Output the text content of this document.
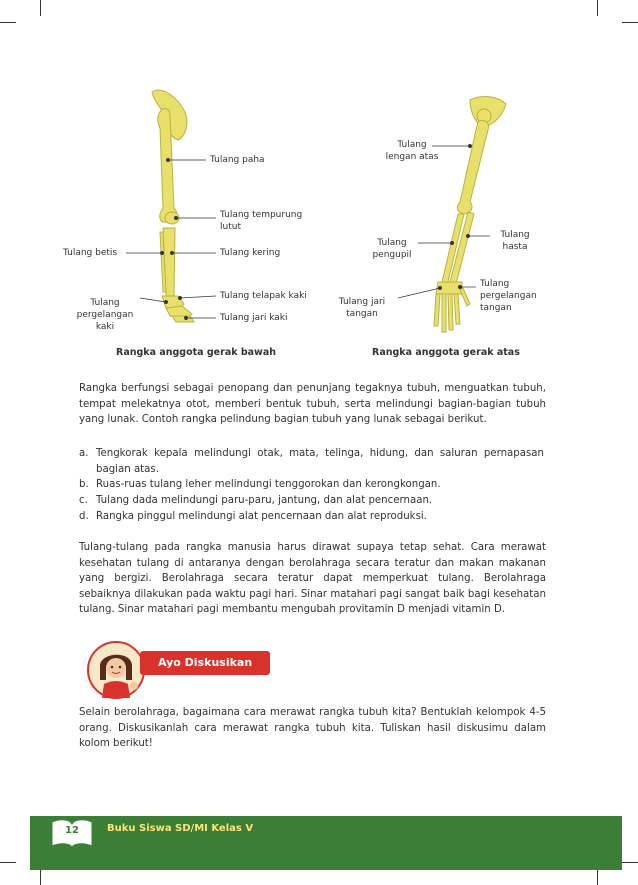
Tulang paha
Tulang tempurung
lutut
Tulang betis	Tulang kering
Tulang
pergelangan
kaki
Tulang telapak kaki
Tulang jari kaki
Tulang
lengan atas
Tulang
pengupil
Tulang
hasta
Tulang
pergelangan
tangan
Tulang jari
tangan
Rangka anggota gerak bawah	Rangka anggota gerak atas
Rangka berfungsi sebagai penopang dan penunjang tegaknya tubuh, menguatkan tubuh, tempat melekatnya otot, memberi bentuk tubuh, serta melindungi bagian-bagian tubuh yang lunak. Contoh rangka pelindung bagian tubuh yang lunak sebagai berikut.
a. Tengkorak kepala melindungi otak, mata, telinga, hidung, dan saluran pernapasan bagian atas.
b. Ruas-ruas tulang leher melindungi tenggorokan dan kerongkongan.
c. Tulang dada melindungi paru-paru, jantung, dan alat pencernaan.
d. Rangka pinggul melindungi alat pencernaan dan alat reproduksi.
Tulang-tulang pada rangka manusia harus dirawat supaya tetap sehat. Cara merawat kesehatan tulang di antaranya dengan berolahraga secara teratur dan makan makanan yang bergizi. Berolahraga secara teratur dapat memperkuat tulang. Berolahraga sebaiknya dilakukan pada waktu pagi hari. Sinar matahari pagi sangat baik bagi kesehatan tulang. Sinar matahari pagi membantu mengubah provitamin D menjadi vitamin D.
Ayo Diskusikan
Selain berolahraga, bagaimana cara merawat rangka tubuh kita? Bentuklah kelompok 4-5 orang. Diskusikanlah cara merawat rangka tubuh kita. Tuliskan hasil diskusimu dalam kolom berikut!
12	Buku Siswa SD/MI Kelas V
